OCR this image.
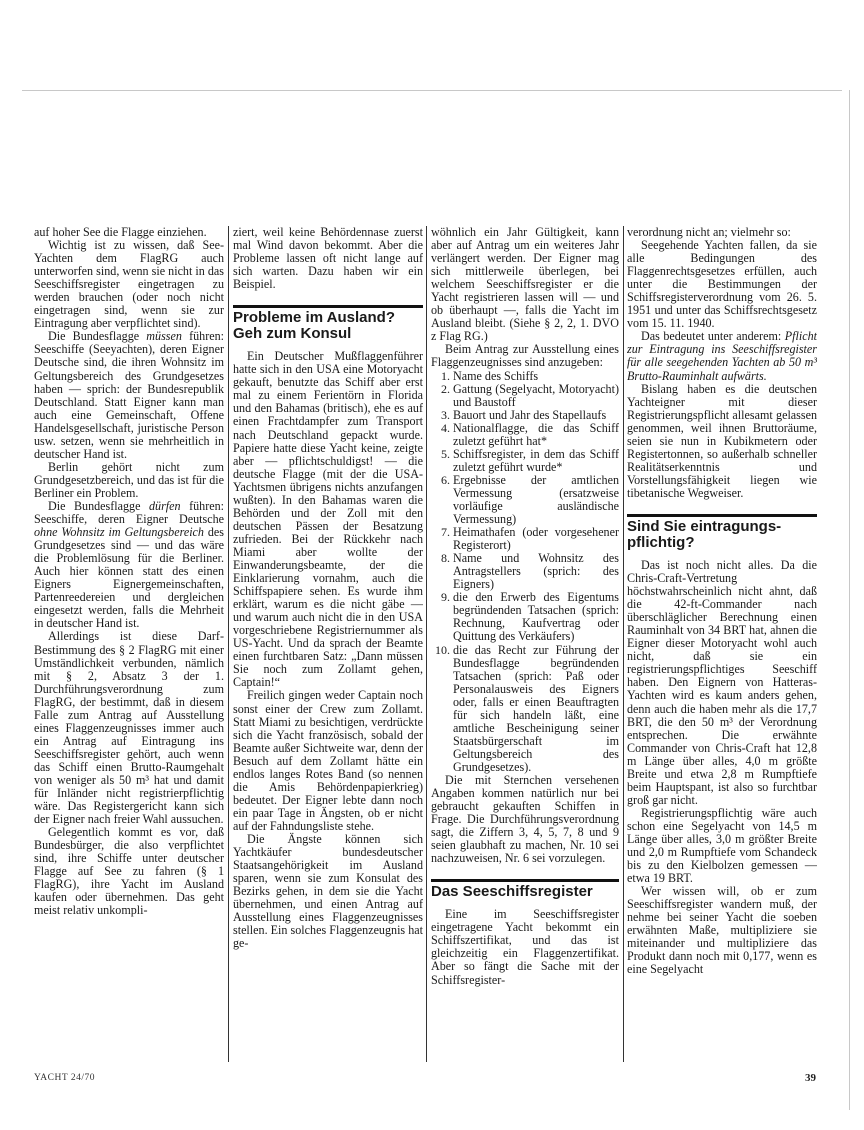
auf hoher See die Flagge einziehen.

Wichtig ist zu wissen, daß See-Yachten dem FlagRG auch unterworfen sind, wenn sie nicht in das Seeschiffsregister eingetragen zu werden brauchen (oder noch nicht eingetragen sind, wenn sie zur Eintragung aber verpflichtet sind).

Die Bundesflagge müssen führen: Seeschiffe (Seeyachten), deren Eigner Deutsche sind, die ihren Wohnsitz im Geltungsbereich des Grundgesetzes haben — sprich: der Bundesrepublik Deutschland. Statt Eigner kann man auch eine Gemeinschaft, Offene Handelsgesellschaft, juristische Person usw. setzen, wenn sie mehrheitlich in deutscher Hand ist.

Berlin gehört nicht zum Grundgesetzbereich, und das ist für die Berliner ein Problem.

Die Bundesflagge dürfen führen: Seeschiffe, deren Eigner Deutsche ohne Wohnsitz im Geltungsbereich des Grundgesetzes sind — und das wäre die Problemlösung für die Berliner. Auch hier können statt des einen Eigners Eignergemeinschaften, Partenreedereien und dergleichen eingesetzt werden, falls die Mehrheit in deutscher Hand ist.

Allerdings ist diese Darf-Bestimmung des § 2 FlagRG mit einer Umständlichkeit verbunden, nämlich mit § 2, Absatz 3 der 1. Durchführungsverordnung zum FlagRG, der bestimmt, daß in diesem Falle zum Antrag auf Ausstellung eines Flaggenzeugnisses immer auch ein Antrag auf Eintragung ins Seeschiffsregister gehört, auch wenn das Schiff einen Brutto-Raumgehalt von weniger als 50 m³ hat und damit für Inländer nicht registrierpflichtig wäre. Das Registergericht kann sich der Eigner nach freier Wahl aussuchen.

Gelegentlich kommt es vor, daß Bundesbürger, die also verpflichtet sind, ihre Schiffe unter deutscher Flagge auf See zu fahren (§ 1 FlagRG), ihre Yacht im Ausland kaufen oder übernehmen. Das geht meist relativ unkompli-

ziert, weil keine Behördennase zuerst mal Wind davon bekommt. Aber die Probleme lassen oft nicht lange auf sich warten. Dazu haben wir ein Beispiel.

Probleme im Ausland?
Geh zum Konsul

Ein Deutscher Mußflaggenführer hatte sich in den USA eine Motoryacht gekauft, benutzte das Schiff aber erst mal zu einem Ferientörn in Florida und den Bahamas (britisch), ehe es auf einen Frachtdampfer zum Transport nach Deutschland gepackt wurde. Papiere hatte diese Yacht keine, zeigte aber — pflichtschuldigst! — die deutsche Flagge (mit der die USA-Yachtsmen übrigens nichts anzufangen wußten). In den Bahamas waren die Behörden und der Zoll mit den deutschen Pässen der Besatzung zufrieden. Bei der Rückkehr nach Miami aber wollte der Einwanderungsbeamte, der die Einklarierung vornahm, auch die Schiffspapiere sehen. Es wurde ihm erklärt, warum es die nicht gäbe — und warum auch nicht die in den USA vorgeschriebene Registriernummer als US-Yacht. Und da sprach der Beamte einen furchtbaren Satz: „Dann müssen Sie noch zum Zollamt gehen, Captain!“

Freilich gingen weder Captain noch sonst einer der Crew zum Zollamt. Statt Miami zu besichtigen, verdrückte sich die Yacht französisch, sobald der Beamte außer Sichtweite war, denn der Besuch auf dem Zollamt hätte ein endlos langes Rotes Band (so nennen die Amis Behördenpapierkrieg) bedeutet. Der Eigner lebte dann noch ein paar Tage in Ängsten, ob er nicht auf der Fahndungsliste stehe.

Die Ängste können sich Yachtkäufer bundesdeutscher Staatsangehörigkeit im Ausland sparen, wenn sie zum Konsulat des Bezirks gehen, in dem sie die Yacht übernehmen, und einen Antrag auf Ausstellung eines Flaggenzeugnisses stellen. Ein solches Flaggenzeugnis hat ge-

wöhnlich ein Jahr Gültigkeit, kann aber auf Antrag um ein weiteres Jahr verlängert werden. Der Eigner mag sich mittlerweile überlegen, bei welchem Seeschiffsregister er die Yacht registrieren lassen will — und ob überhaupt —, falls die Yacht im Ausland bleibt. (Siehe § 2, 2, 1. DVO z Flag RG.)

Beim Antrag zur Ausstellung eines Flaggenzeugnisses sind anzugeben:

1. Name des Schiffs
2. Gattung (Segelyacht, Motoryacht) und Baustoff
3. Bauort und Jahr des Stapellaufs
4. Nationalflagge, die das Schiff zuletzt geführt hat*
5. Schiffsregister, in dem das Schiff zuletzt geführt wurde*
6. Ergebnisse der amtlichen Vermessung (ersatzweise vorläufige ausländische Vermessung)
7. Heimathafen (oder vorgesehener Registerort)
8. Name und Wohnsitz des Antragstellers (sprich: des Eigners)
9. die den Erwerb des Eigentums begründenden Tatsachen (sprich: Rechnung, Kaufvertrag oder Quittung des Verkäufers)
10. die das Recht zur Führung der Bundesflagge begründenden Tatsachen (sprich: Paß oder Personalausweis des Eigners oder, falls er einen Beauftragten für sich handeln läßt, eine amtliche Bescheinigung seiner Staatsbürgerschaft im Geltungsbereich des Grundgesetzes).

Die mit Sternchen versehenen Angaben kommen natürlich nur bei gebraucht gekauften Schiffen in Frage. Die Durchführungsverordnung sagt, die Ziffern 3, 4, 5, 7, 8 und 9 seien glaubhaft zu machen, Nr. 10 sei nachzuweisen, Nr. 6 sei vorzulegen.

Das Seeschiffsregister

Eine im Seeschiffsregister eingetragene Yacht bekommt ein Schiffszertifikat, und das ist gleichzeitig ein Flaggenzertifikat. Aber so fängt die Sache mit der Schiffsregister-

verordnung nicht an; vielmehr so:

Seegehende Yachten fallen, da sie alle Bedingungen des Flaggenrechtsgesetzes erfüllen, auch unter die Bestimmungen der Schiffsregisterverordnung vom 26. 5. 1951 und unter das Schiffsrechtsgesetz vom 15. 11. 1940.

Das bedeutet unter anderem: Pflicht zur Eintragung ins Seeschiffsregister für alle seegehenden Yachten ab 50 m³ Brutto-Rauminhalt aufwärts.

Bislang haben es die deutschen Yachteigner mit dieser Registrierungspflicht allesamt gelassen genommen, weil ihnen Bruttoräume, seien sie nun in Kubikmetern oder Registertonnen, so außerhalb schneller Realitätserkenntnis und Vorstellungsfähigkeit liegen wie tibetanische Wegweiser.

Sind Sie eintragungs-
pflichtig?

Das ist noch nicht alles. Da die Chris-Craft-Vertretung höchstwahrscheinlich nicht ahnt, daß die 42-ft-Commander nach überschläglicher Berechnung einen Rauminhalt von 34 BRT hat, ahnen die Eigner dieser Motoryacht wohl auch nicht, daß sie ein registrierungspflichtiges Seeschiff haben. Den Eignern von Hatteras-Yachten wird es kaum anders gehen, denn auch die haben mehr als die 17,7 BRT, die den 50 m³ der Verordnung entsprechen. Die erwähnte Commander von Chris-Craft hat 12,8 m Länge über alles, 4,0 m größte Breite und etwa 2,8 m Rumpftiefe beim Hauptspant, ist also so furchtbar groß gar nicht.

Registrierungspflichtig wäre auch schon eine Segelyacht von 14,5 m Länge über alles, 3,0 m größter Breite und 2,0 m Rumpftiefe vom Schandeck bis zu den Kielbolzen gemessen — etwa 19 BRT.

Wer wissen will, ob er zum Seeschiffsregister wandern muß, der nehme bei seiner Yacht die soeben erwähnten Maße, multipliziere sie miteinander und multipliziere das Produkt dann noch mit 0,177, wenn es eine Segelyacht

YACHT 24/70	39
